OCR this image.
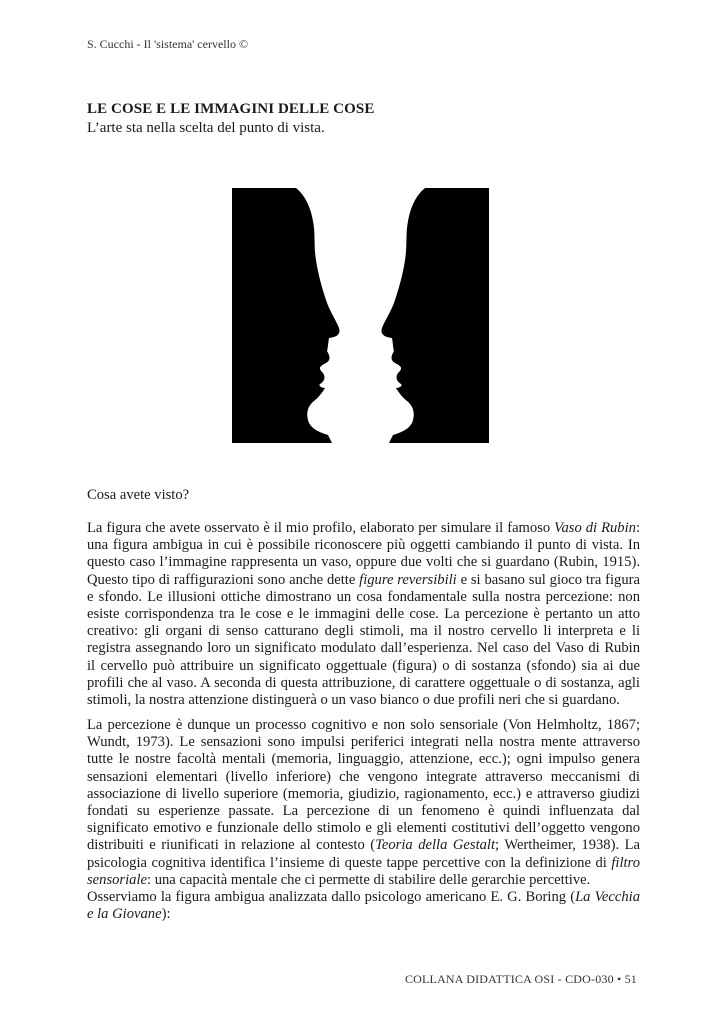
S. Cucchi - Il 'sistema' cervello ©
LE COSE E LE IMMAGINI DELLE COSE
L’arte sta nella scelta del punto di vista.

Cosa avete visto?

La figura che avete osservato è il mio profilo, elaborato per simulare il famoso Vaso di Rubin: una figura ambigua in cui è possibile riconoscere più oggetti cambiando il punto di vista. In questo caso l’immagine rappresenta un vaso, oppure due volti che si guardano (Rubin, 1915). Questo tipo di raffigurazioni sono anche dette figure reversibili e si basano sul gioco tra figura e sfondo. Le illusioni ottiche dimostrano un cosa fondamentale sulla nostra percezione: non esiste corrispondenza tra le cose e le immagini delle cose. La percezione è pertanto un atto creativo: gli organi di senso catturano degli stimoli, ma il nostro cervello li interpreta e li registra assegnando loro un significato modulato dall’esperienza. Nel caso del Vaso di Rubin il cervello può attribuire un significato oggettuale (figura) o di sostanza (sfondo) sia ai due profili che al vaso. A seconda di questa attribuzione, di carattere oggettuale o di sostanza, agli stimoli, la nostra attenzione distinguerà o un vaso bianco o due profili neri che si guardano.

La percezione è dunque un processo cognitivo e non solo sensoriale (Von Helmholtz, 1867; Wundt, 1973). Le sensazioni sono impulsi periferici integrati nella nostra mente attraverso tutte le nostre facoltà mentali (memoria, linguaggio, attenzione, ecc.); ogni impulso genera sensazioni elementari (livello inferiore) che vengono integrate attraverso meccanismi di associazione di livello superiore (memoria, giudizio, ragionamento, ecc.) e attraverso giudizi fondati su esperienze passate. La percezione di un fenomeno è quindi influenzata dal significato emotivo e funzionale dello stimolo e gli elementi costitutivi dell’oggetto vengono distribuiti e riunificati in relazione al contesto (Teoria della Gestalt; Wertheimer, 1938). La psicologia cognitiva identifica l’insieme di queste tappe percettive con la definizione di filtro sensoriale: una capacità mentale che ci permette di stabilire delle gerarchie percettive.

Osserviamo la figura ambigua analizzata dallo psicologo americano E. G. Boring (La Vecchia e la Giovane):

COLLANA DIDATTICA OSI - CDO-030 • 51
